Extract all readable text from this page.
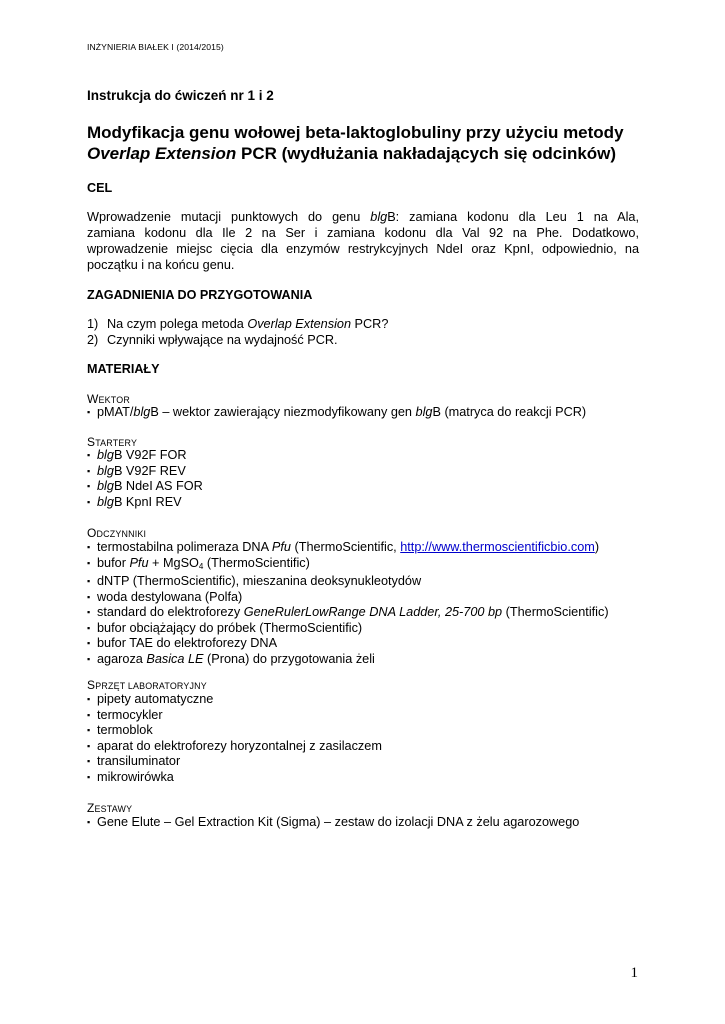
INŻYNIERIA BIAŁEK I (2014/2015)
Instrukcja do ćwiczeń nr 1 i 2
Modyfikacja genu wołowej beta-laktoglobuliny przy użyciu metody
Overlap Extension PCR (wydłużania nakładających się odcinków)
CEL
Wprowadzenie mutacji punktowych do genu blgB: zamiana kodonu dla Leu 1 na Ala,
zamiana kodonu dla Ile 2 na Ser i zamiana kodonu dla Val 92 na Phe. Dodatkowo,
wprowadzenie miejsc cięcia dla enzymów restrykcyjnych NdeI oraz KpnI, odpowiednio, na
początku i na końcu genu.
ZAGADNIENIA DO PRZYGOTOWANIA
1) Na czym polega metoda Overlap Extension PCR?
2) Czynniki wpływające na wydajność PCR.
MATERIAŁY
WEKTOR
▪ pMAT/blgB – wektor zawierający niezmodyfikowany gen blgB (matryca do reakcji PCR)
STARTERY
▪ blgB V92F FOR
▪ blgB V92F REV
▪ blgB NdeI AS FOR
▪ blgB KpnI REV
ODCZYNNIKI
▪ termostabilna polimeraza DNA Pfu (ThermoScientific, http://www.thermoscientificbio.com)
▪ bufor Pfu + MgSO$_4$ (ThermoScientific)
▪ dNTP (ThermoScientific), mieszanina deoksynukleotydów
▪ woda destylowana (Polfa)
▪ standard do elektroforezy GeneRulerLowRange DNA Ladder, 25-700 bp (ThermoScientific)
▪ bufor obciążający do próbek (ThermoScientific)
▪ bufor TAE do elektroforezy DNA
▪ agaroza Basica LE (Prona) do przygotowania żeli
SPRZĘT LABORATORYJNY
▪ pipety automatyczne
▪ termocykler
▪ termoblok
▪ aparat do elektroforezy horyzontalnej z zasilaczem
▪ transiluminator
▪ mikrowirówka
ZESTAWY
▪ Gene Elute – Gel Extraction Kit (Sigma) – zestaw do izolacji DNA z żelu agarozowego
1
